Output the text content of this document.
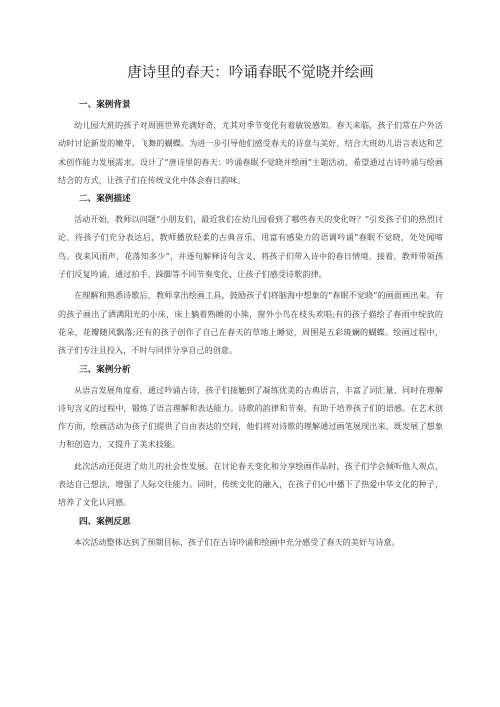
唐诗里的春天：吟诵春眠不觉晓并绘画
一、案例背景

幼儿园大班的孩子对周围世界充满好奇，尤其对季节变化有着敏锐感知。春天来临，孩子们常在户外活动时讨论新发的嫩芽、飞舞的蝴蝶。为进一步引导他们感受春天的诗意与美好，结合大班幼儿语言表达和艺术创作能力发展需求，设计了“唐诗里的春天：吟诵春眠不觉晓并绘画”主题活动，希望通过古诗吟诵与绘画结合的方式，让孩子们在传统文化中体会春日韵味。

二、案例描述

活动开始，教师以问题“小朋友们，最近我们在幼儿园看到了哪些春天的变化呀？”引发孩子们的热烈讨论。待孩子们充分表达后，教师播放轻柔的古典音乐，用富有感染力的语调吟诵“春眠不觉晓，处处闻啼鸟。夜来风雨声，花落知多少”，并逐句解释诗句含义，将孩子们带入诗中的春日情境。接着，教师带领孩子们反复吟诵，通过拍手、跺脚等不同节奏变化，让孩子们感受诗歌韵律。

在理解和熟悉诗歌后，教师拿出绘画工具，鼓励孩子们将脑海中想象的“春眠不觉晓”的画面画出来。有的孩子画出了洒满阳光的小床，床上躺着熟睡的小熊，窗外小鸟在枝头欢唱;有的孩子描绘了春雨中绽放的花朵，花瓣随风飘落;还有的孩子创作了自己在春天的草地上睡觉，周围是五彩斑斓的蝴蝶。绘画过程中，孩子们专注且投入，不时与同伴分享自己的创意。

三、案例分析

从语言发展角度看，通过吟诵古诗，孩子们接触到了凝练优美的古典语言，丰富了词汇量，同时在理解诗句含义的过程中，锻炼了语言理解和表达能力。诗歌的韵律和节奏，有助于培养孩子们的语感。在艺术创作方面，绘画活动为孩子们提供了自由表达的空间，他们将对诗歌的理解通过画笔展现出来，既发展了想象力和创造力，又提升了美术技能。

此次活动还促进了幼儿的社会性发展。在讨论春天变化和分享绘画作品时，孩子们学会倾听他人观点，表达自己想法，增强了人际交往能力。同时，传统文化的融入，在孩子们心中播下了热爱中华文化的种子，培养了文化认同感。

四、案例反思

本次活动整体达到了预期目标，孩子们在古诗吟诵和绘画中充分感受了春天的美好与诗意。
